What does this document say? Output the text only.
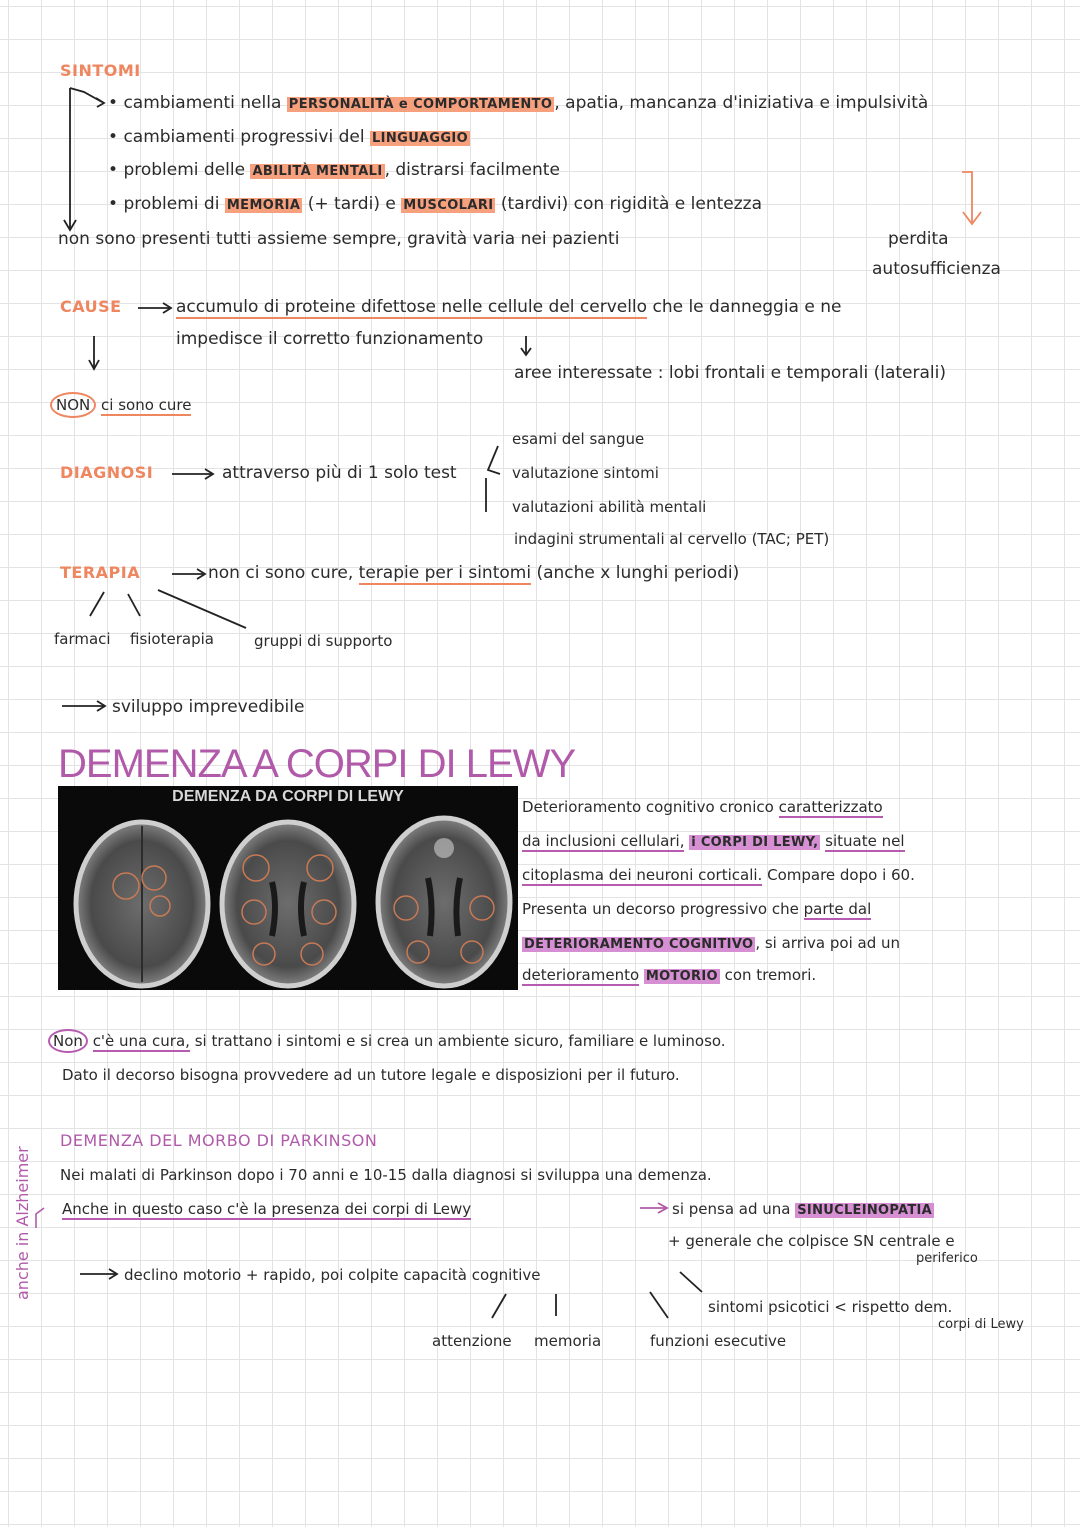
SINTOMI
• cambiamenti nella PERSONALITÀ e COMPORTAMENTO , apatia, mancanza d'iniziativa e impulsività
• cambiamenti progressivi del LINGUAGGIO
• problemi delle ABILITÀ MENTALI , distrarsi facilmente
• problemi di MEMORIA (+ tardi) e MUSCOLARI (tardivi) con rigidità e lentezza
non sono presenti tutti assieme sempre, gravità varia nei pazienti	perdita
autosufficienza
CAUSE	accumulo di proteine difettose nelle cellule del cervello che le danneggia e ne
impedisce il corretto funzionamento
aree interessate : lobi frontali e temporali (laterali)
NON ci sono cure
DIAGNOSI	attraverso più di 1 solo test
esami del sangue
valutazione sintomi
valutazioni abilità mentali
indagini strumentali al cervello (TAC; PET)
TERAPIA	non ci sono cure, terapie per i sintomi (anche x lunghi periodi)
farmaci fisioterapia	gruppi di supporto
sviluppo imprevedibile
DEMENZA A CORPI DI LEWY
DEMENZA DA CORPI DI LEWY
Deterioramento cognitivo cronico caratterizzato
da inclusioni cellulari, i CORPI DI LEWY, situate nel
citoplasma dei neuroni corticali. Compare dopo i 60.
Presenta un decorso progressivo che parte dal
DETERIORAMENTO COGNITIVO , si arriva poi ad un
deterioramento MOTORIO con tremori.
Non c'è una cura, si trattano i sintomi e si crea un ambiente sicuro, familiare e luminoso.
Dato il decorso bisogna provvedere ad un tutore legale e disposizioni per il futuro.
DEMENZA DEL MORBO DI PARKINSON
Nei malati di Parkinson dopo i 70 anni e 10-15 dalla diagnosi si sviluppa una demenza.
Anche in questo caso c'è la presenza dei corpi di Lewy	si pensa ad una SINUCLEINOPATIA
+ generale che colpisce SN centrale e
periferico
anche in Alzheimer	declino motorio + rapido, poi colpite capacità cognitive
attenzione memoria	funzioni esecutive
sintomi psicotici < rispetto dem.
corpi di Lewy
